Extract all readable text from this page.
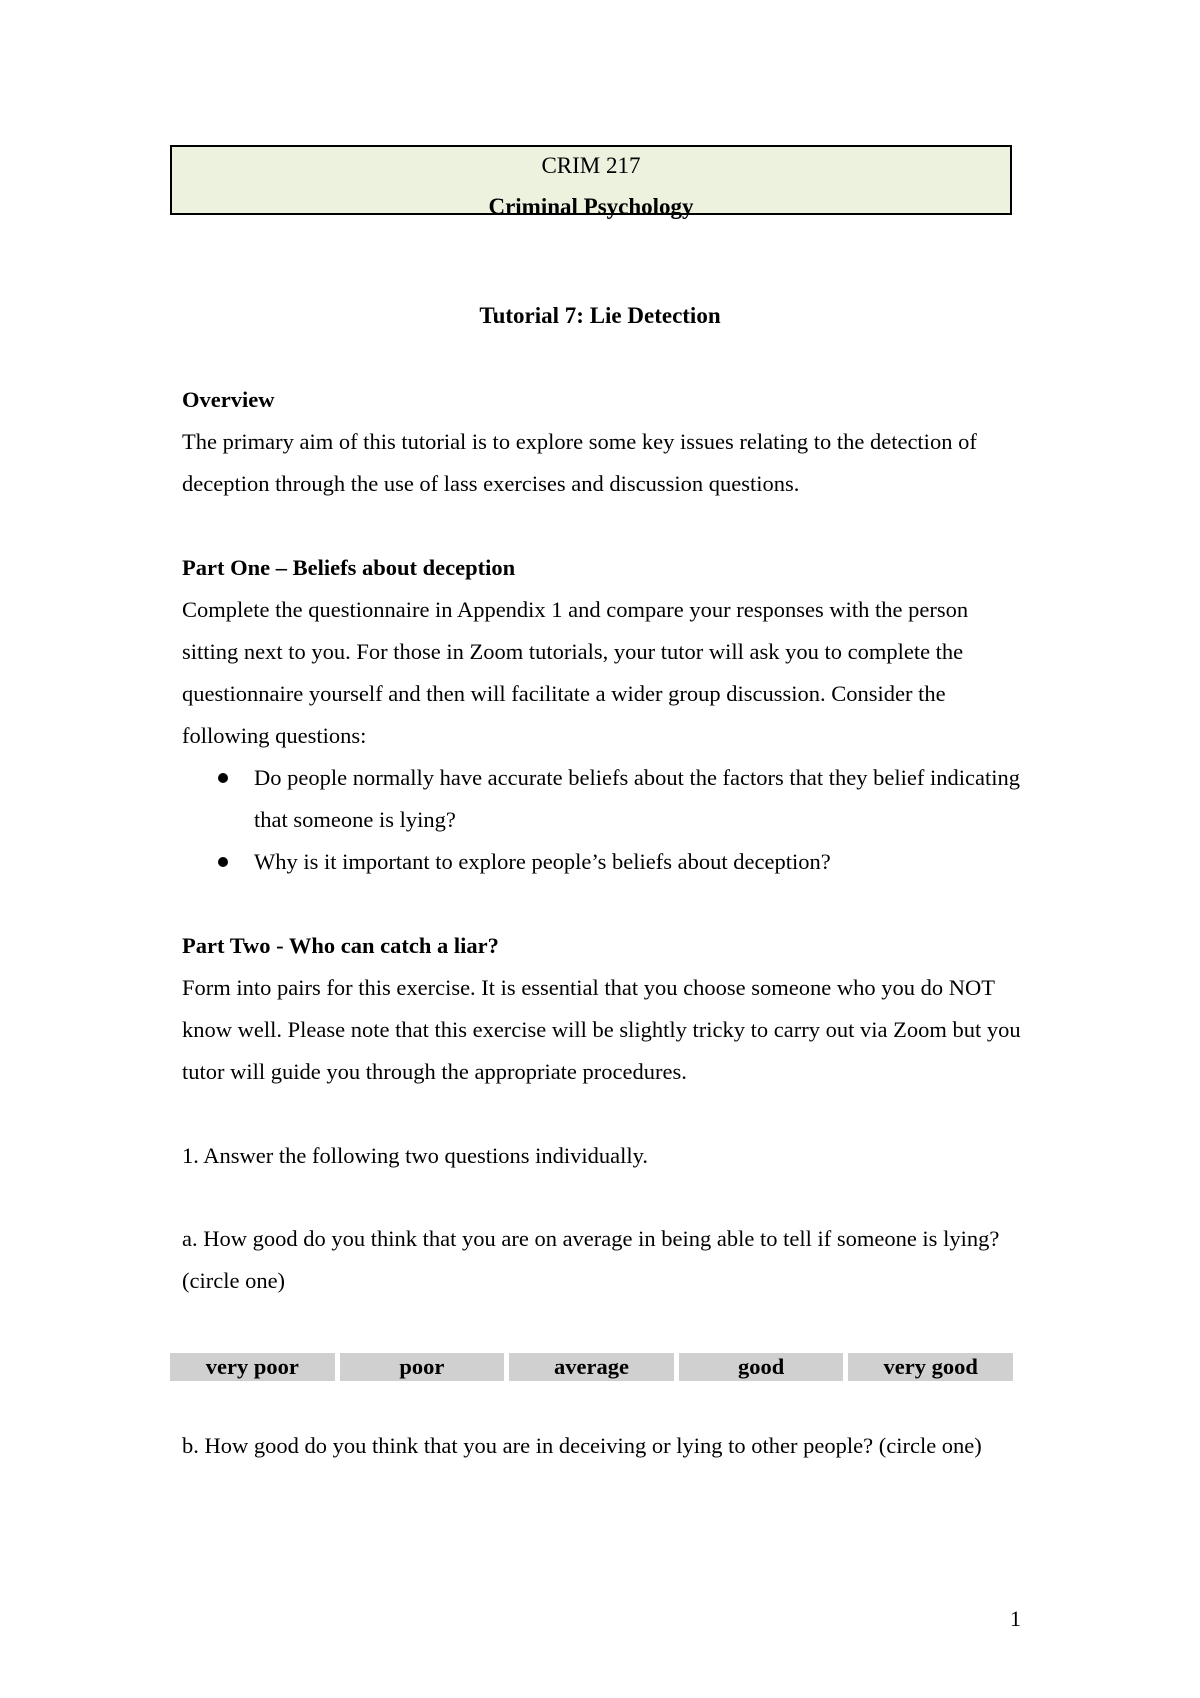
CRIM 217
Criminal Psychology
Tutorial 7: Lie Detection
Overview
The primary aim of this tutorial is to explore some key issues relating to the detection of deception through the use of lass exercises and discussion questions.
Part One – Beliefs about deception
Complete the questionnaire in Appendix 1 and compare your responses with the person sitting next to you. For those in Zoom tutorials, your tutor will ask you to complete the questionnaire yourself and then will facilitate a wider group discussion. Consider the following questions:
Do people normally have accurate beliefs about the factors that they belief indicating that someone is lying?
Why is it important to explore people’s beliefs about deception?
Part Two - Who can catch a liar?
Form into pairs for this exercise. It is essential that you choose someone who you do NOT know well. Please note that this exercise will be slightly tricky to carry out via Zoom but you tutor will guide you through the appropriate procedures.
1. Answer the following two questions individually.
a. How good do you think that you are on average in being able to tell if someone is lying? (circle one)
very poor	poor	average	good	very good
b. How good do you think that you are in deceiving or lying to other people? (circle one)
1
